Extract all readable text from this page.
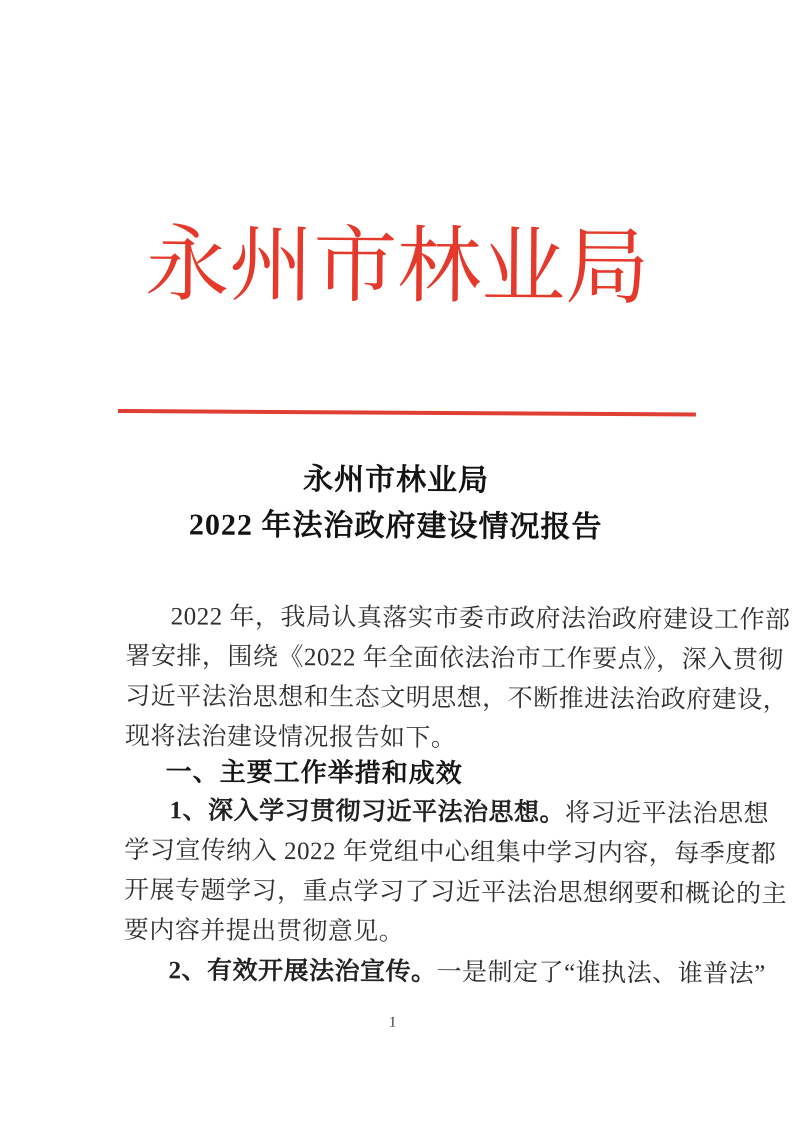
永州市林业局
永州市林业局
2022 年法治政府建设情况报告
2022 年，我局认真落实市委市政府法治政府建设工作部
署安排，围绕《2022 年全面依法治市工作要点》，深入贯彻
习近平法治思想和生态文明思想，不断推进法治政府建设，
现将法治建设情况报告如下。
一、主要工作举措和成效
1、深入学习贯彻习近平法治思想。将习近平法治思想
学习宣传纳入 2022 年党组中心组集中学习内容，每季度都
开展专题学习，重点学习了习近平法治思想纲要和概论的主
要内容并提出贯彻意见。
2、有效开展法治宣传。一是制定了“谁执法、谁普法”
1
